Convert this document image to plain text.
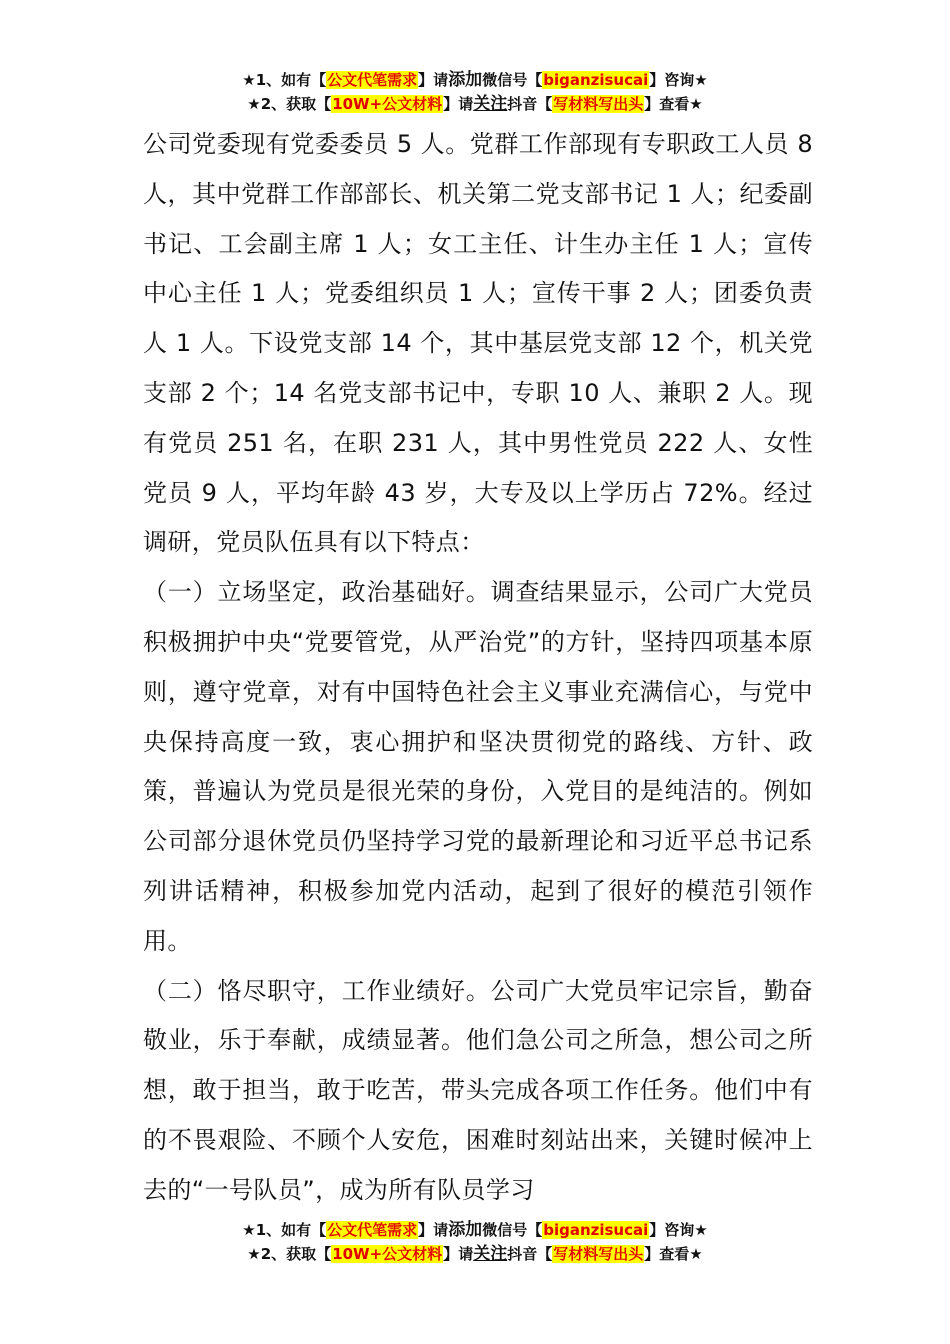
★1、如有【公文代笔需求】请添加微信号【biganzisucai】咨询★
★2、获取【10W+公文材料】请关注抖音【写材料写出头】查看★

公司党委现有党委委员 5 人。党群工作部现有专职政工人员 8 人，其中党群工作部部长、机关第二党支部书记 1 人；纪委副书记、工会副主席 1 人；女工主任、计生办主任 1 人；宣传中心主任 1 人；党委组织员 1 人；宣传干事 2 人；团委负责人 1 人。下设党支部 14 个，其中基层党支部 12 个，机关党支部 2 个；14 名党支部书记中，专职 10 人、兼职 2 人。现有党员 251 名，在职 231 人，其中男性党员 222 人、女性党员 9 人，平均年龄 43 岁，大专及以上学历占 72%。经过调研，党员队伍具有以下特点：

（一）立场坚定，政治基础好。调查结果显示，公司广大党员积极拥护中央“党要管党，从严治党”的方针，坚持四项基本原则，遵守党章，对有中国特色社会主义事业充满信心，与党中央保持高度一致，衷心拥护和坚决贯彻党的路线、方针、政策，普遍认为党员是很光荣的身份，入党目的是纯洁的。例如公司部分退休党员仍坚持学习党的最新理论和习近平总书记系列讲话精神，积极参加党内活动，起到了很好的模范引领作用。

（二）恪尽职守，工作业绩好。公司广大党员牢记宗旨，勤奋敬业，乐于奉献，成绩显著。他们急公司之所急，想公司之所想，敢于担当，敢于吃苦，带头完成各项工作任务。他们中有的不畏艰险、不顾个人安危，困难时刻站出来，关键时候冲上去的“一号队员”，成为所有队员学习

★1、如有【公文代笔需求】请添加微信号【biganzisucai】咨询★
★2、获取【10W+公文材料】请关注抖音【写材料写出头】查看★
